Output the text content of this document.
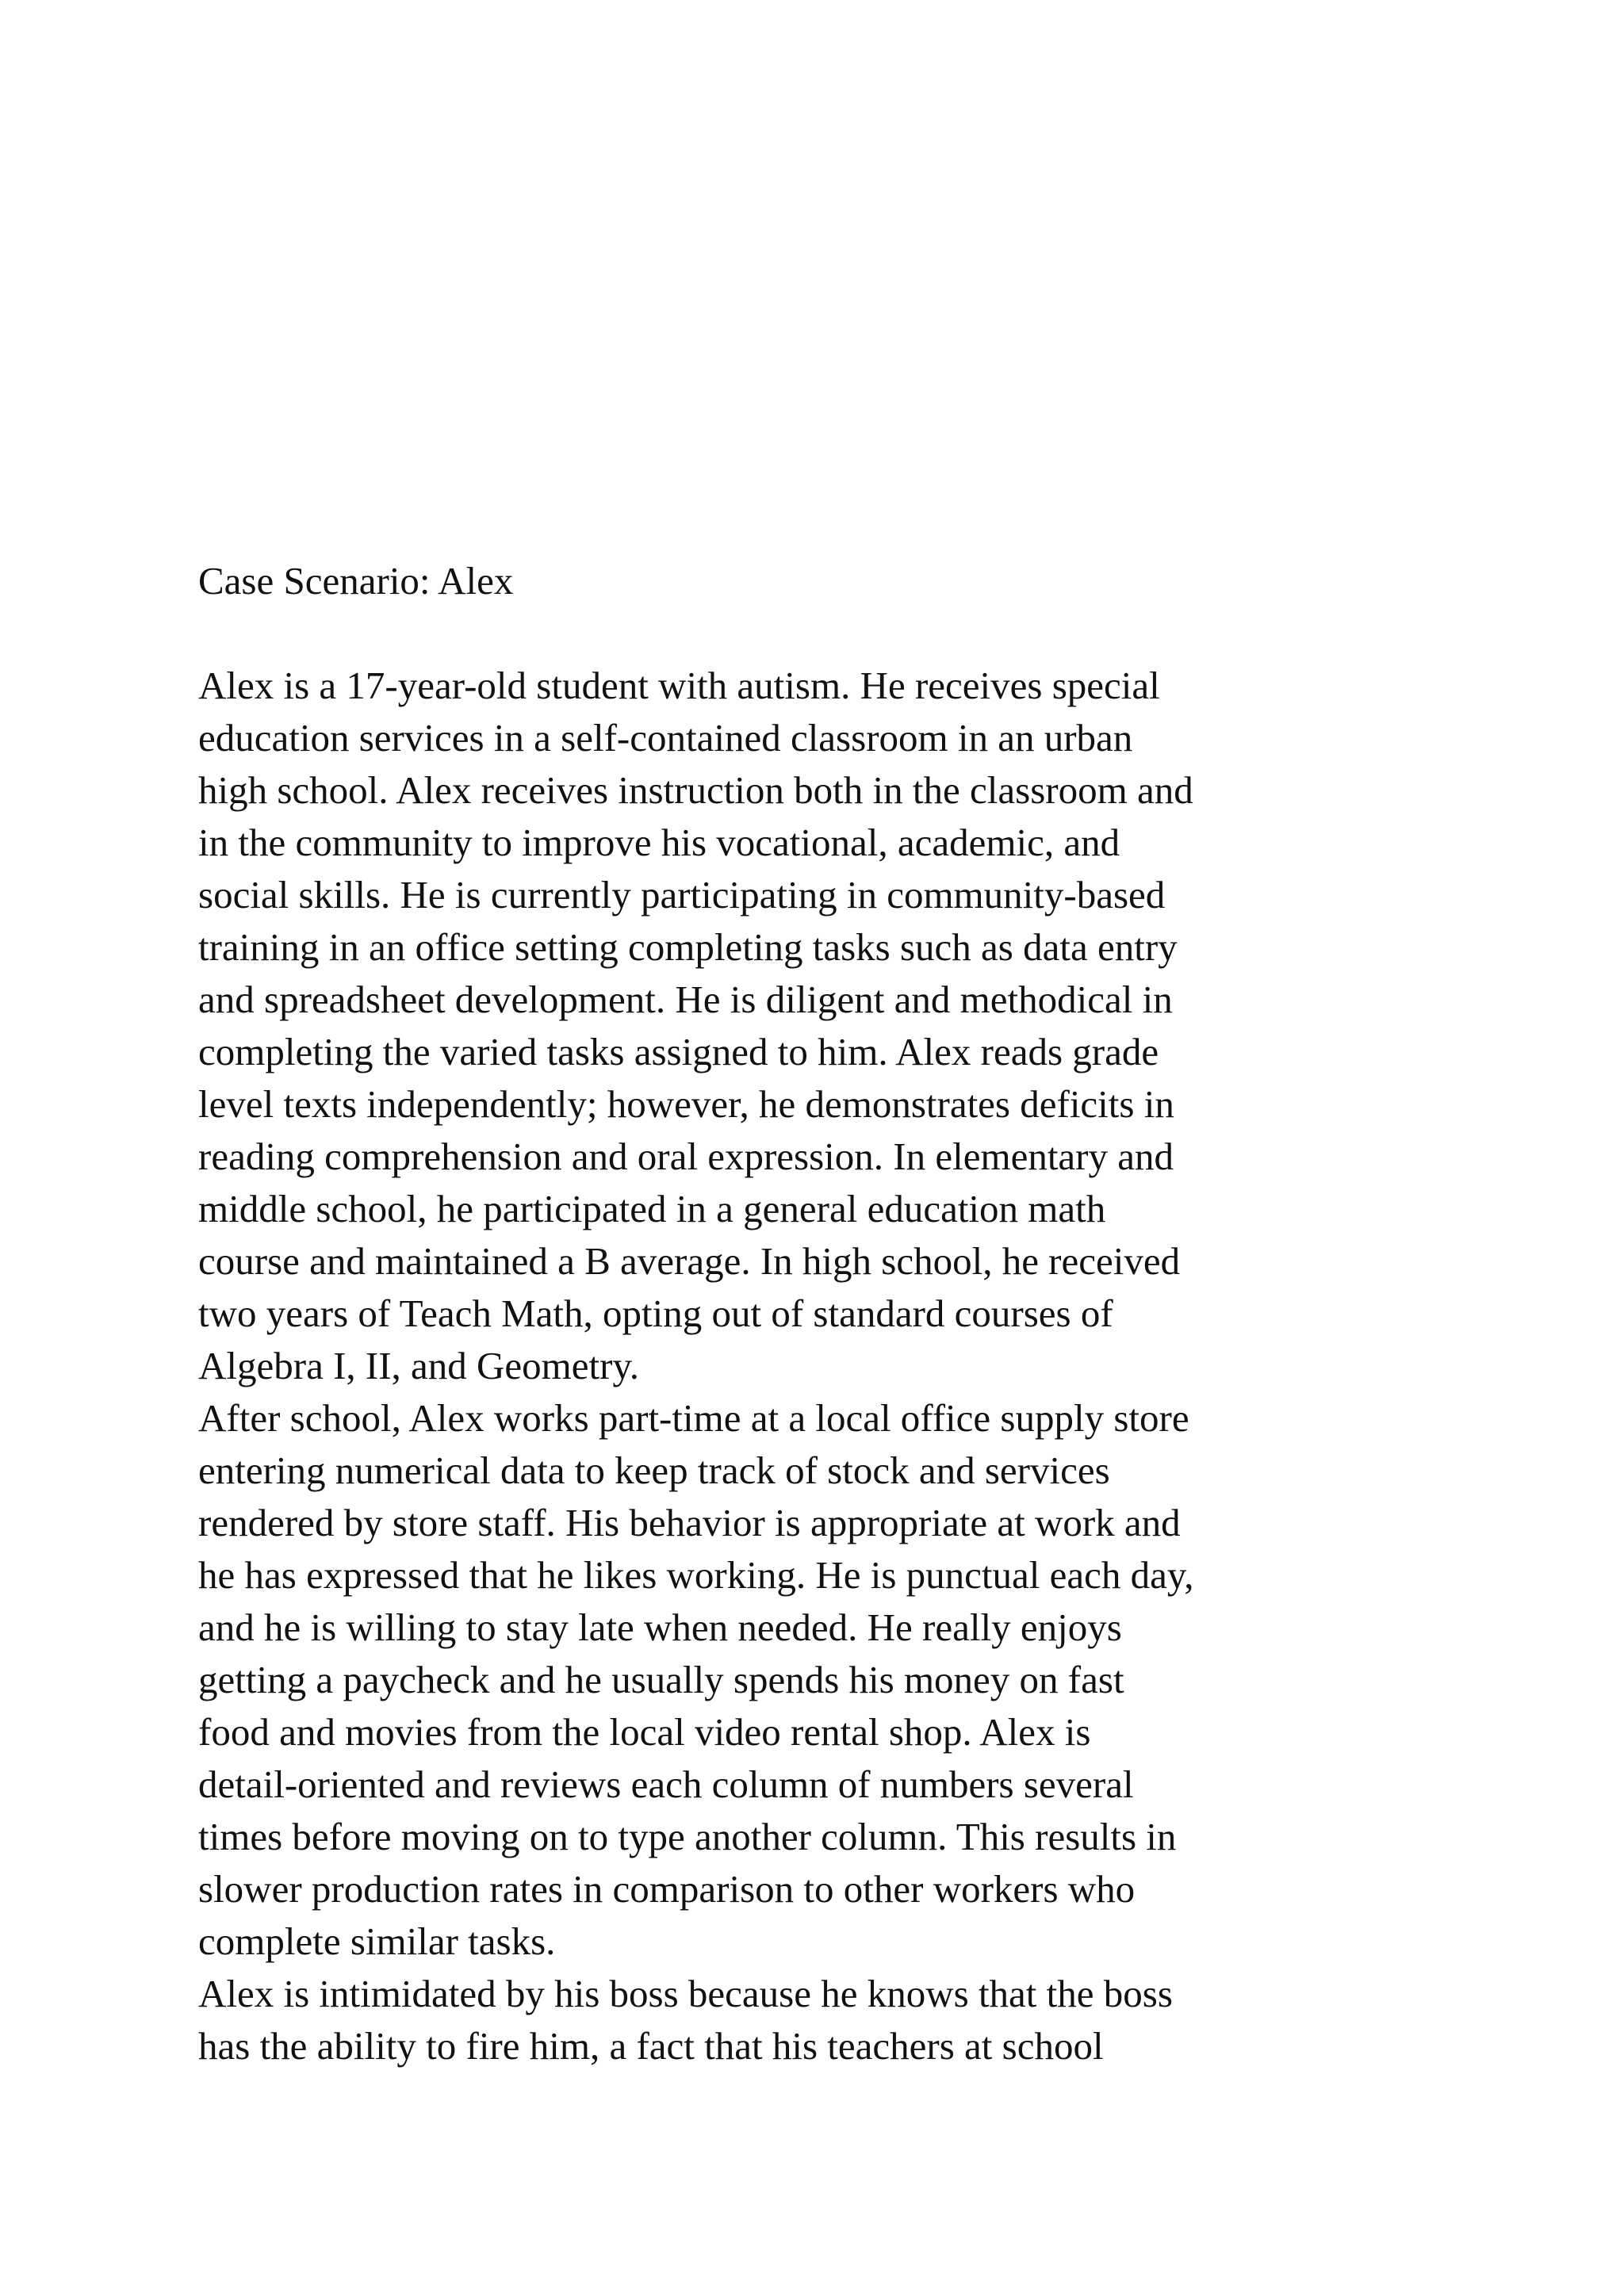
Case Scenario: Alex
Alex is a 17-year-old student with autism. He receives special
education services in a self-contained classroom in an urban
high school. Alex receives instruction both in the classroom and
in the community to improve his vocational, academic, and
social skills. He is currently participating in community-based
training in an office setting completing tasks such as data entry
and spreadsheet development. He is diligent and methodical in
completing the varied tasks assigned to him. Alex reads grade
level texts independently; however, he demonstrates deficits in
reading comprehension and oral expression. In elementary and
middle school, he participated in a general education math
course and maintained a B average. In high school, he received
two years of Teach Math, opting out of standard courses of
Algebra I, II, and Geometry.
After school, Alex works part-time at a local office supply store
entering numerical data to keep track of stock and services
rendered by store staff. His behavior is appropriate at work and
he has expressed that he likes working. He is punctual each day,
and he is willing to stay late when needed. He really enjoys
getting a paycheck and he usually spends his money on fast
food and movies from the local video rental shop. Alex is
detail-oriented and reviews each column of numbers several
times before moving on to type another column. This results in
slower production rates in comparison to other workers who
complete similar tasks.
Alex is intimidated by his boss because he knows that the boss
has the ability to fire him, a fact that his teachers at school
